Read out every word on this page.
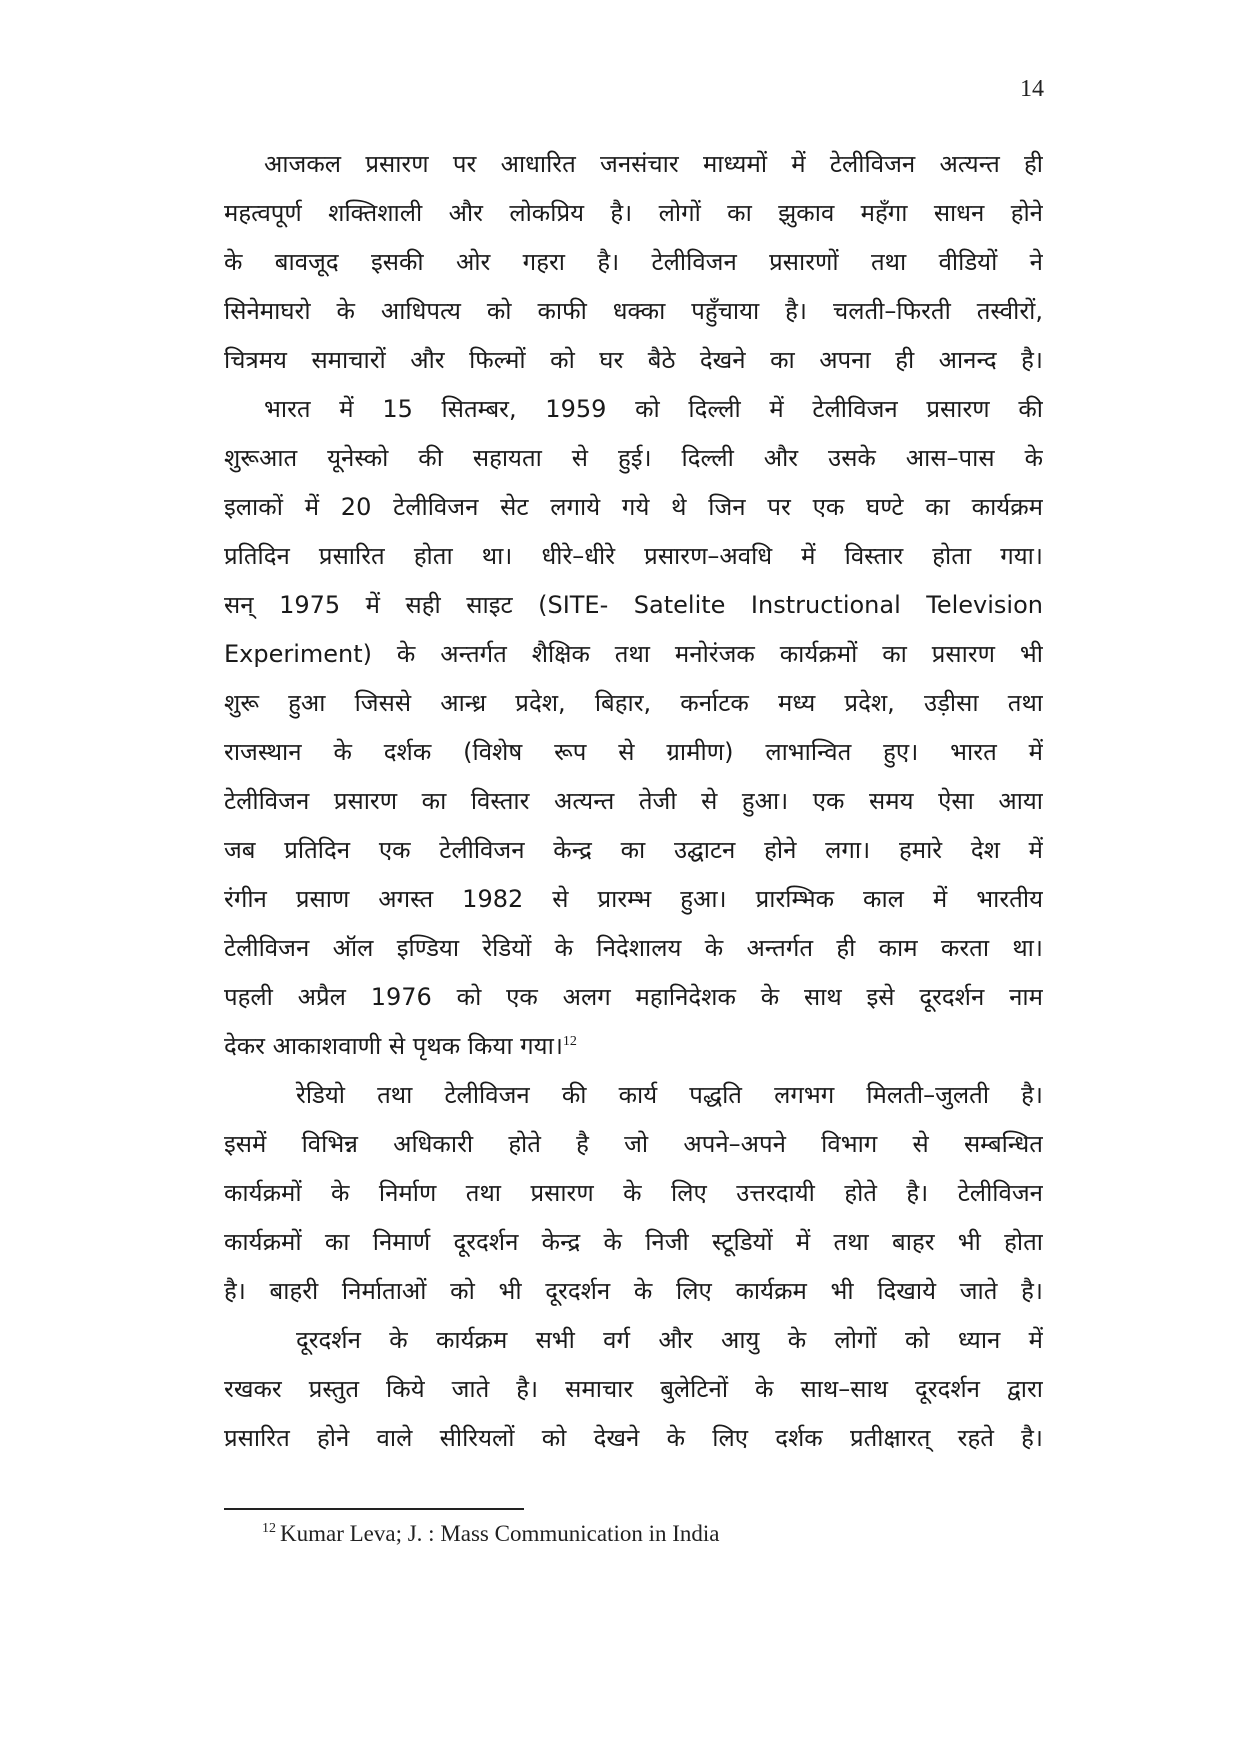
14
आजकल प्रसारण पर आधारित जनसंचार माध्यमों में टेलीविजन अत्यन्त ही
महत्वपूर्ण शक्तिशाली और लोकप्रिय है। लोगों का झुकाव महँगा साधन होने
के बावजूद इसकी ओर गहरा है। टेलीविजन प्रसारणों तथा वीडियों ने
सिनेमाघरो के आधिपत्य को काफी धक्का पहुँचाया है। चलती–फिरती तस्वीरों,
चित्रमय समाचारों और फिल्मों को घर बैठे देखने का अपना ही आनन्द है।
भारत में 15 सितम्बर, 1959 को दिल्ली में टेलीविजन प्रसारण की
शुरूआत यूनेस्को की सहायता से हुई। दिल्ली और उसके आस–पास के
इलाकों में 20 टेलीविजन सेट लगाये गये थे जिन पर एक घण्टे का कार्यक्रम
प्रतिदिन प्रसारित होता था। धीरे–धीरे प्रसारण–अवधि में विस्तार होता गया।
सन् 1975 में सही साइट (SITE- Satelite Instructional Television
Experiment) के अन्तर्गत शैक्षिक तथा मनोरंजक कार्यक्रमों का प्रसारण भी
शुरू हुआ जिससे आन्ध्र प्रदेश, बिहार, कर्नाटक मध्य प्रदेश, उड़ीसा तथा
राजस्थान के दर्शक (विशेष रूप से ग्रामीण) लाभान्वित हुए। भारत में
टेलीविजन प्रसारण का विस्तार अत्यन्त तेजी से हुआ। एक समय ऐसा आया
जब प्रतिदिन एक टेलीविजन केन्द्र का उद्घाटन होने लगा। हमारे देश में
रंगीन प्रसाण अगस्त 1982 से प्रारम्भ हुआ। प्रारम्भिक काल में भारतीय
टेलीविजन ऑल इण्डिया रेडियों के निदेशालय के अन्तर्गत ही काम करता था।
पहली अप्रैल 1976 को एक अलग महानिदेशक के साथ इसे दूरदर्शन नाम
देकर आकाशवाणी से पृथक किया गया।$^{12}$
रेडियो तथा टेलीविजन की कार्य पद्धति लगभग मिलती–जुलती है।
इसमें विभिन्न अधिकारी होते है जो अपने–अपने विभाग से सम्बन्धित
कार्यक्रमों के निर्माण तथा प्रसारण के लिए उत्तरदायी होते है। टेलीविजन
कार्यक्रमों का निमार्ण दूरदर्शन केन्द्र के निजी स्टूडियों में तथा बाहर भी होता
है। बाहरी निर्माताओं को भी दूरदर्शन के लिए कार्यक्रम भी दिखाये जाते है।
दूरदर्शन के कार्यक्रम सभी वर्ग और आयु के लोगों को ध्यान में
रखकर प्रस्तुत किये जाते है। समाचार बुलेटिनों के साथ–साथ दूरदर्शन द्वारा
प्रसारित होने वाले सीरियलों को देखने के लिए दर्शक प्रतीक्षारत् रहते है।
$^{12}$ Kumar Leva; J. : Mass Communication in India
